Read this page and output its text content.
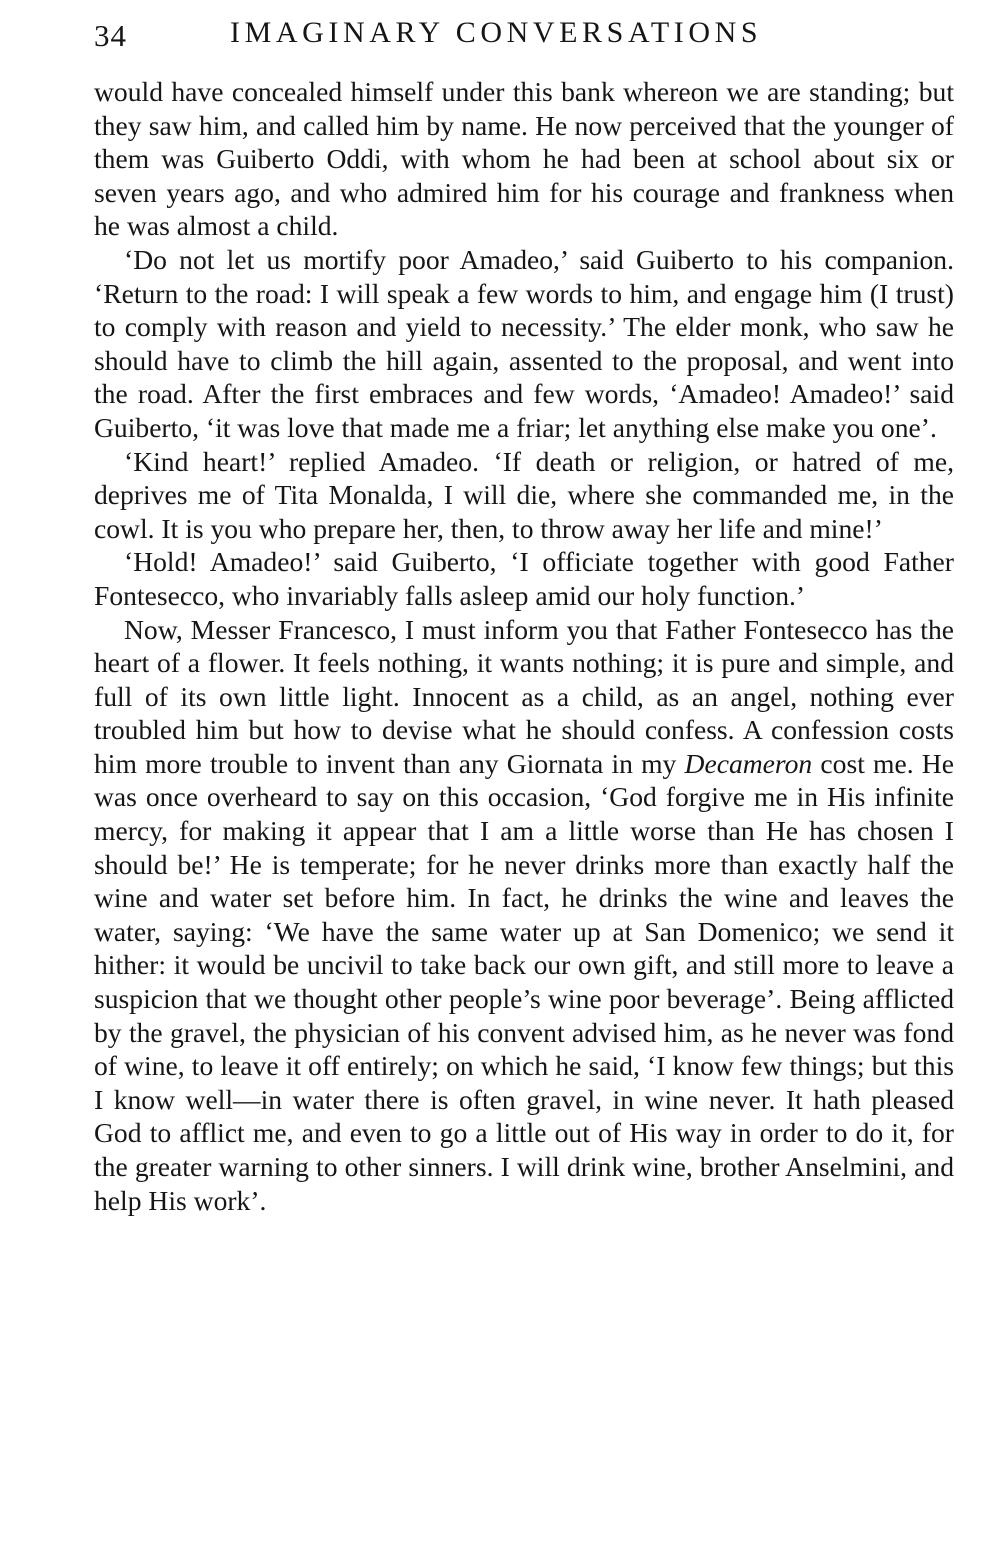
34	IMAGINARY CONVERSATIONS

would have concealed himself under this bank whereon we are standing; but they saw him, and called him by name. He now perceived that the younger of them was Guiberto Oddi, with whom he had been at school about six or seven years ago, and who admired him for his courage and frankness when he was almost a child.

‘Do not let us mortify poor Amadeo,’ said Guiberto to his companion. ‘Return to the road: I will speak a few words to him, and engage him (I trust) to comply with reason and yield to necessity.’ The elder monk, who saw he should have to climb the hill again, assented to the proposal, and went into the road. After the first embraces and few words, ‘Amadeo! Amadeo!’ said Guiberto, ‘it was love that made me a friar; let anything else make you one’.

‘Kind heart!’ replied Amadeo. ‘If death or religion, or hatred of me, deprives me of Tita Monalda, I will die, where she commanded me, in the cowl. It is you who prepare her, then, to throw away her life and mine!’

‘Hold! Amadeo!’ said Guiberto, ‘I officiate together with good Father Fontesecco, who invariably falls asleep amid our holy function.’

Now, Messer Francesco, I must inform you that Father Fontesecco has the heart of a flower. It feels nothing, it wants nothing; it is pure and simple, and full of its own little light. Innocent as a child, as an angel, nothing ever troubled him but how to devise what he should confess. A confession costs him more trouble to invent than any Giornata in my Decameron cost me. He was once overheard to say on this occasion, ‘God forgive me in His infinite mercy, for making it appear that I am a little worse than He has chosen I should be!’ He is temperate; for he never drinks more than exactly half the wine and water set before him. In fact, he drinks the wine and leaves the water, saying: ‘We have the same water up at San Domenico; we send it hither: it would be uncivil to take back our own gift, and still more to leave a suspicion that we thought other people’s wine poor beverage’. Being afflicted by the gravel, the physician of his convent advised him, as he never was fond of wine, to leave it off entirely; on which he said, ‘I know few things; but this I know well—in water there is often gravel, in wine never. It hath pleased God to afflict me, and even to go a little out of His way in order to do it, for the greater warning to other sinners. I will drink wine, brother Anselmini, and help His work’.
